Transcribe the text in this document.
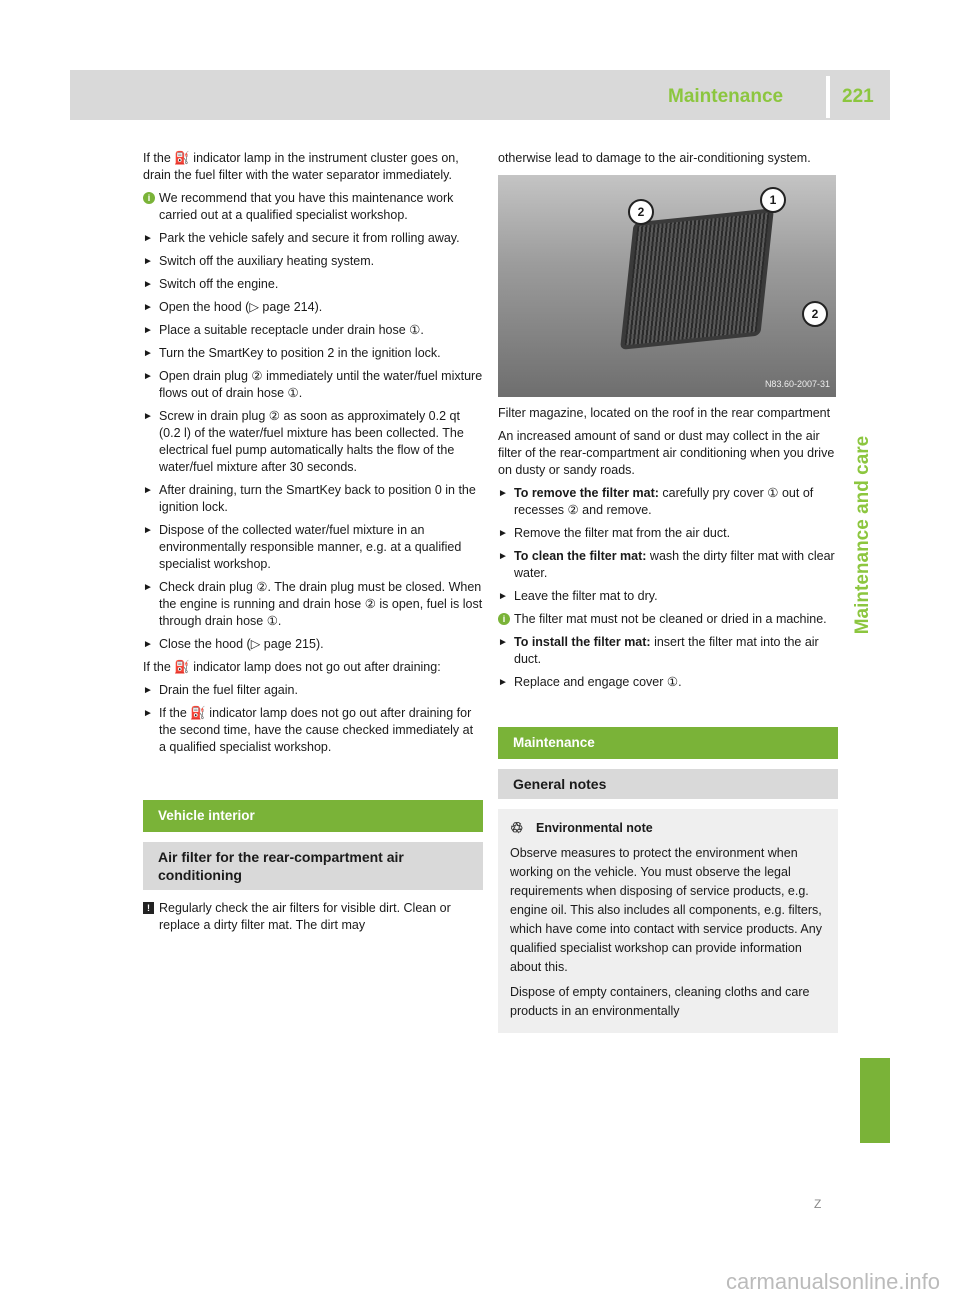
Maintenance	221
Maintenance and care

If the ⛽ indicator lamp in the instrument cluster goes on, drain the fuel filter with the water separator immediately.

i We recommend that you have this maintenance work carried out at a qualified specialist workshop.
► Park the vehicle safely and secure it from rolling away.
► Switch off the auxiliary heating system.
► Switch off the engine.
► Open the hood (▷ page 214).
► Place a suitable receptacle under drain hose ①.
► Turn the SmartKey to position 2 in the ignition lock.
► Open drain plug ② immediately until the water/fuel mixture flows out of drain hose ①.
► Screw in drain plug ② as soon as approximately 0.2 qt (0.2 l) of the water/fuel mixture has been collected. The electrical fuel pump automatically halts the flow of the water/fuel mixture after 30 seconds.
► After draining, turn the SmartKey back to position 0 in the ignition lock.
► Dispose of the collected water/fuel mixture in an environmentally responsible manner, e.g. at a qualified specialist workshop.
► Check drain plug ②. The drain plug must be closed. When the engine is running and drain hose ② is open, fuel is lost through drain hose ①.
► Close the hood (▷ page 215).

If the ⛽ indicator lamp does not go out after draining:

► Drain the fuel filter again.
► If the ⛽ indicator lamp does not go out after draining for the second time, have the cause checked immediately at a qualified specialist workshop.
Vehicle interior
Air filter for the rear-compartment air conditioning
! Regularly check the air filters for visible dirt. Clean or replace a dirty filter mat. The dirt may

otherwise lead to damage to the air-conditioning system.

2
1
2
N83.60-2007-31

Filter magazine, located on the roof in the rear compartment

An increased amount of sand or dust may collect in the air filter of the rear-compartment air conditioning when you drive on dusty or sandy roads.

► To remove the filter mat: carefully pry cover ① out of recesses ② and remove.
► Remove the filter mat from the air duct.
► To clean the filter mat: wash the dirty filter mat with clear water.
► Leave the filter mat to dry.
i The filter mat must not be cleaned or dried in a machine.
► To install the filter mat: insert the filter mat into the air duct.
► Replace and engage cover ①.
Maintenance
General notes
♲ Environmental note

Observe measures to protect the environment when working on the vehicle. You must observe the legal requirements when disposing of service products, e.g. engine oil. This also includes all components, e.g. filters, which have come into contact with service products. Any qualified specialist workshop can provide information about this.

Dispose of empty containers, cleaning cloths and care products in an environmentally

Z
carmanualsonline.info
